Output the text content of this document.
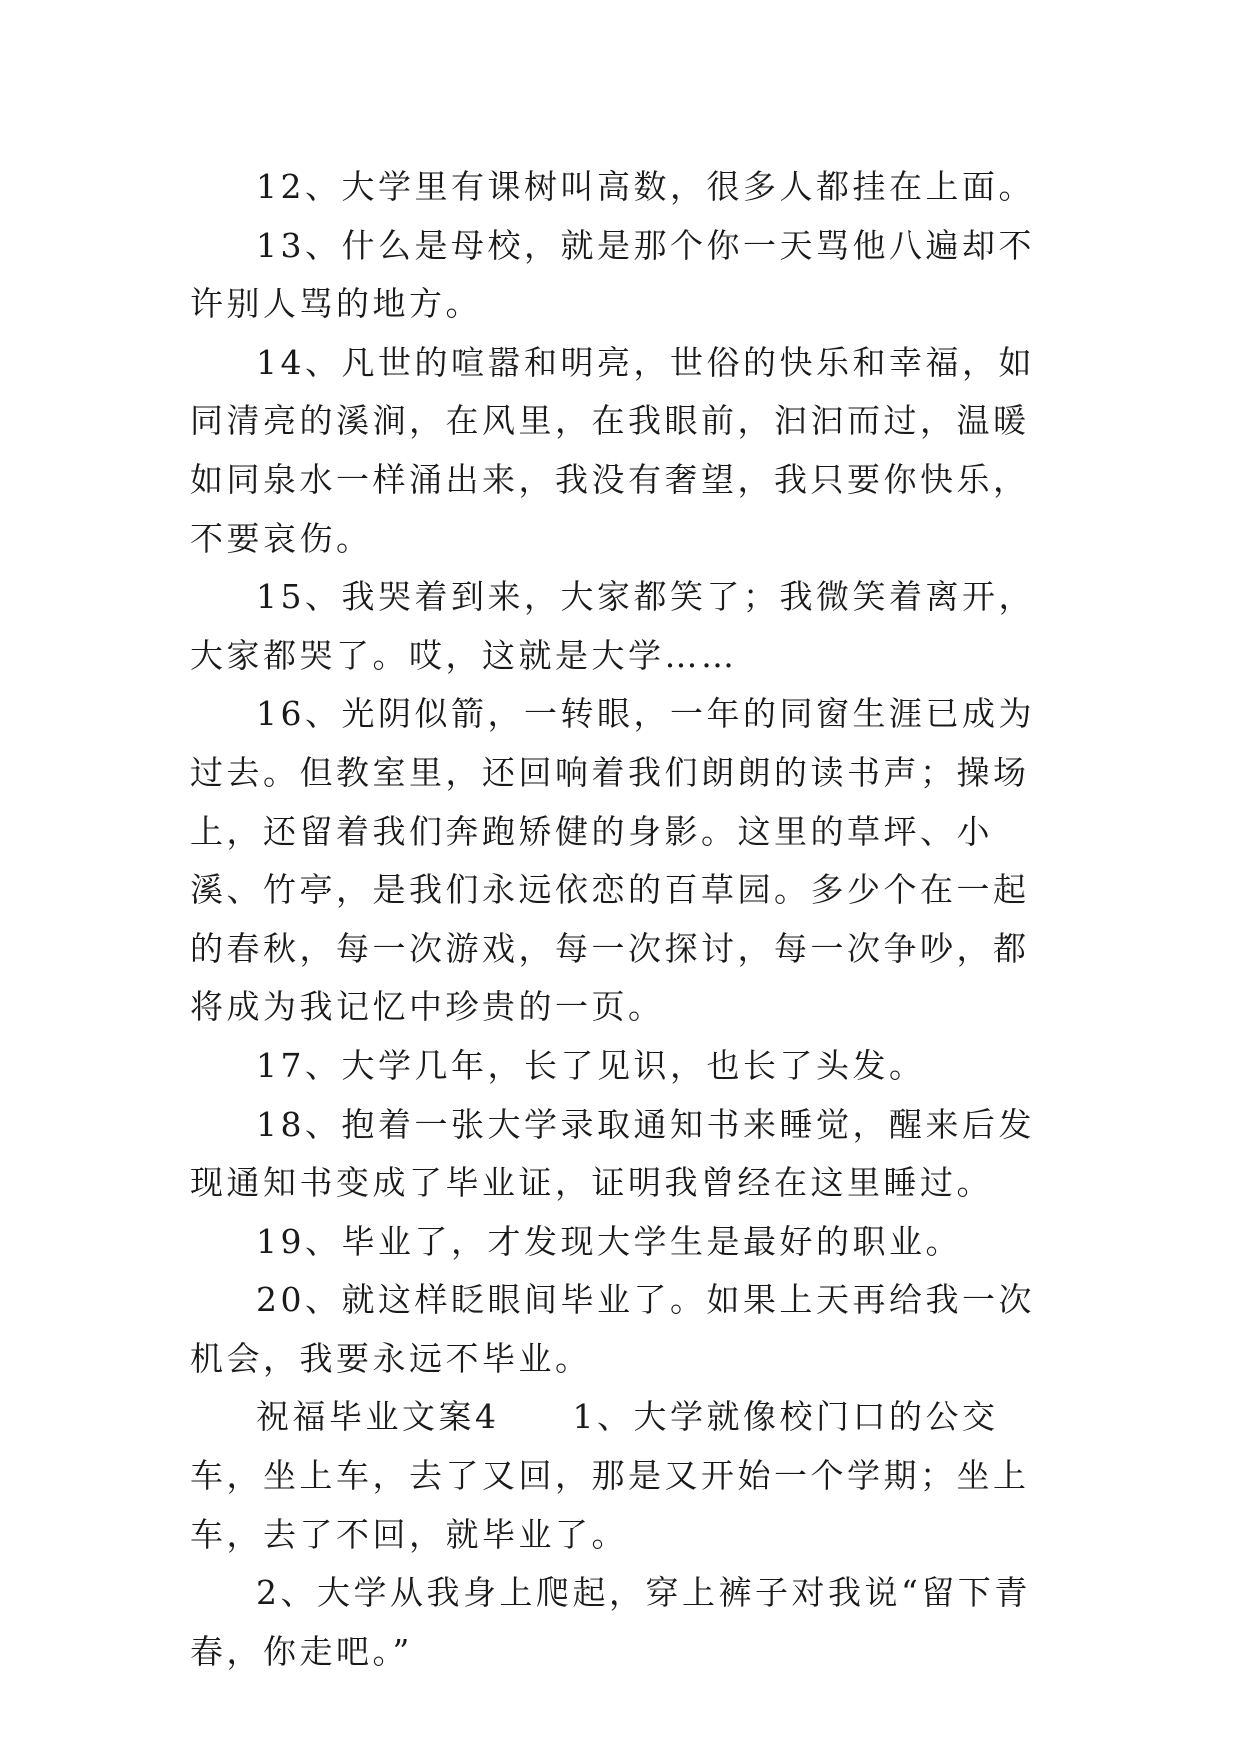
12、大学里有课树叫高数，很多人都挂在上面。

13、什么是母校，就是那个你一天骂他八遍却不许别人骂的地方。

14、凡世的喧嚣和明亮，世俗的快乐和幸福，如同清亮的溪涧，在风里，在我眼前，汩汩而过，温暖如同泉水一样涌出来，我没有奢望，我只要你快乐，不要哀伤。

15、我哭着到来，大家都笑了；我微笑着离开，大家都哭了。哎，这就是大学……

16、光阴似箭，一转眼，一年的同窗生涯已成为过去。但教室里，还回响着我们朗朗的读书声；操场上，还留着我们奔跑矫健的身影。这里的草坪、小溪、竹亭，是我们永远依恋的百草园。多少个在一起的春秋，每一次游戏，每一次探讨，每一次争吵，都将成为我记忆中珍贵的一页。

17、大学几年，长了见识，也长了头发。

18、抱着一张大学录取通知书来睡觉，醒来后发现通知书变成了毕业证，证明我曾经在这里睡过。

19、毕业了，才发现大学生是最好的职业。

20、就这样眨眼间毕业了。如果上天再给我一次机会，我要永远不毕业。

祝福毕业文案4　　1、大学就像校门口的公交车，坐上车，去了又回，那是又开始一个学期；坐上车，去了不回，就毕业了。

2、大学从我身上爬起，穿上裤子对我说“留下青春，你走吧。”
